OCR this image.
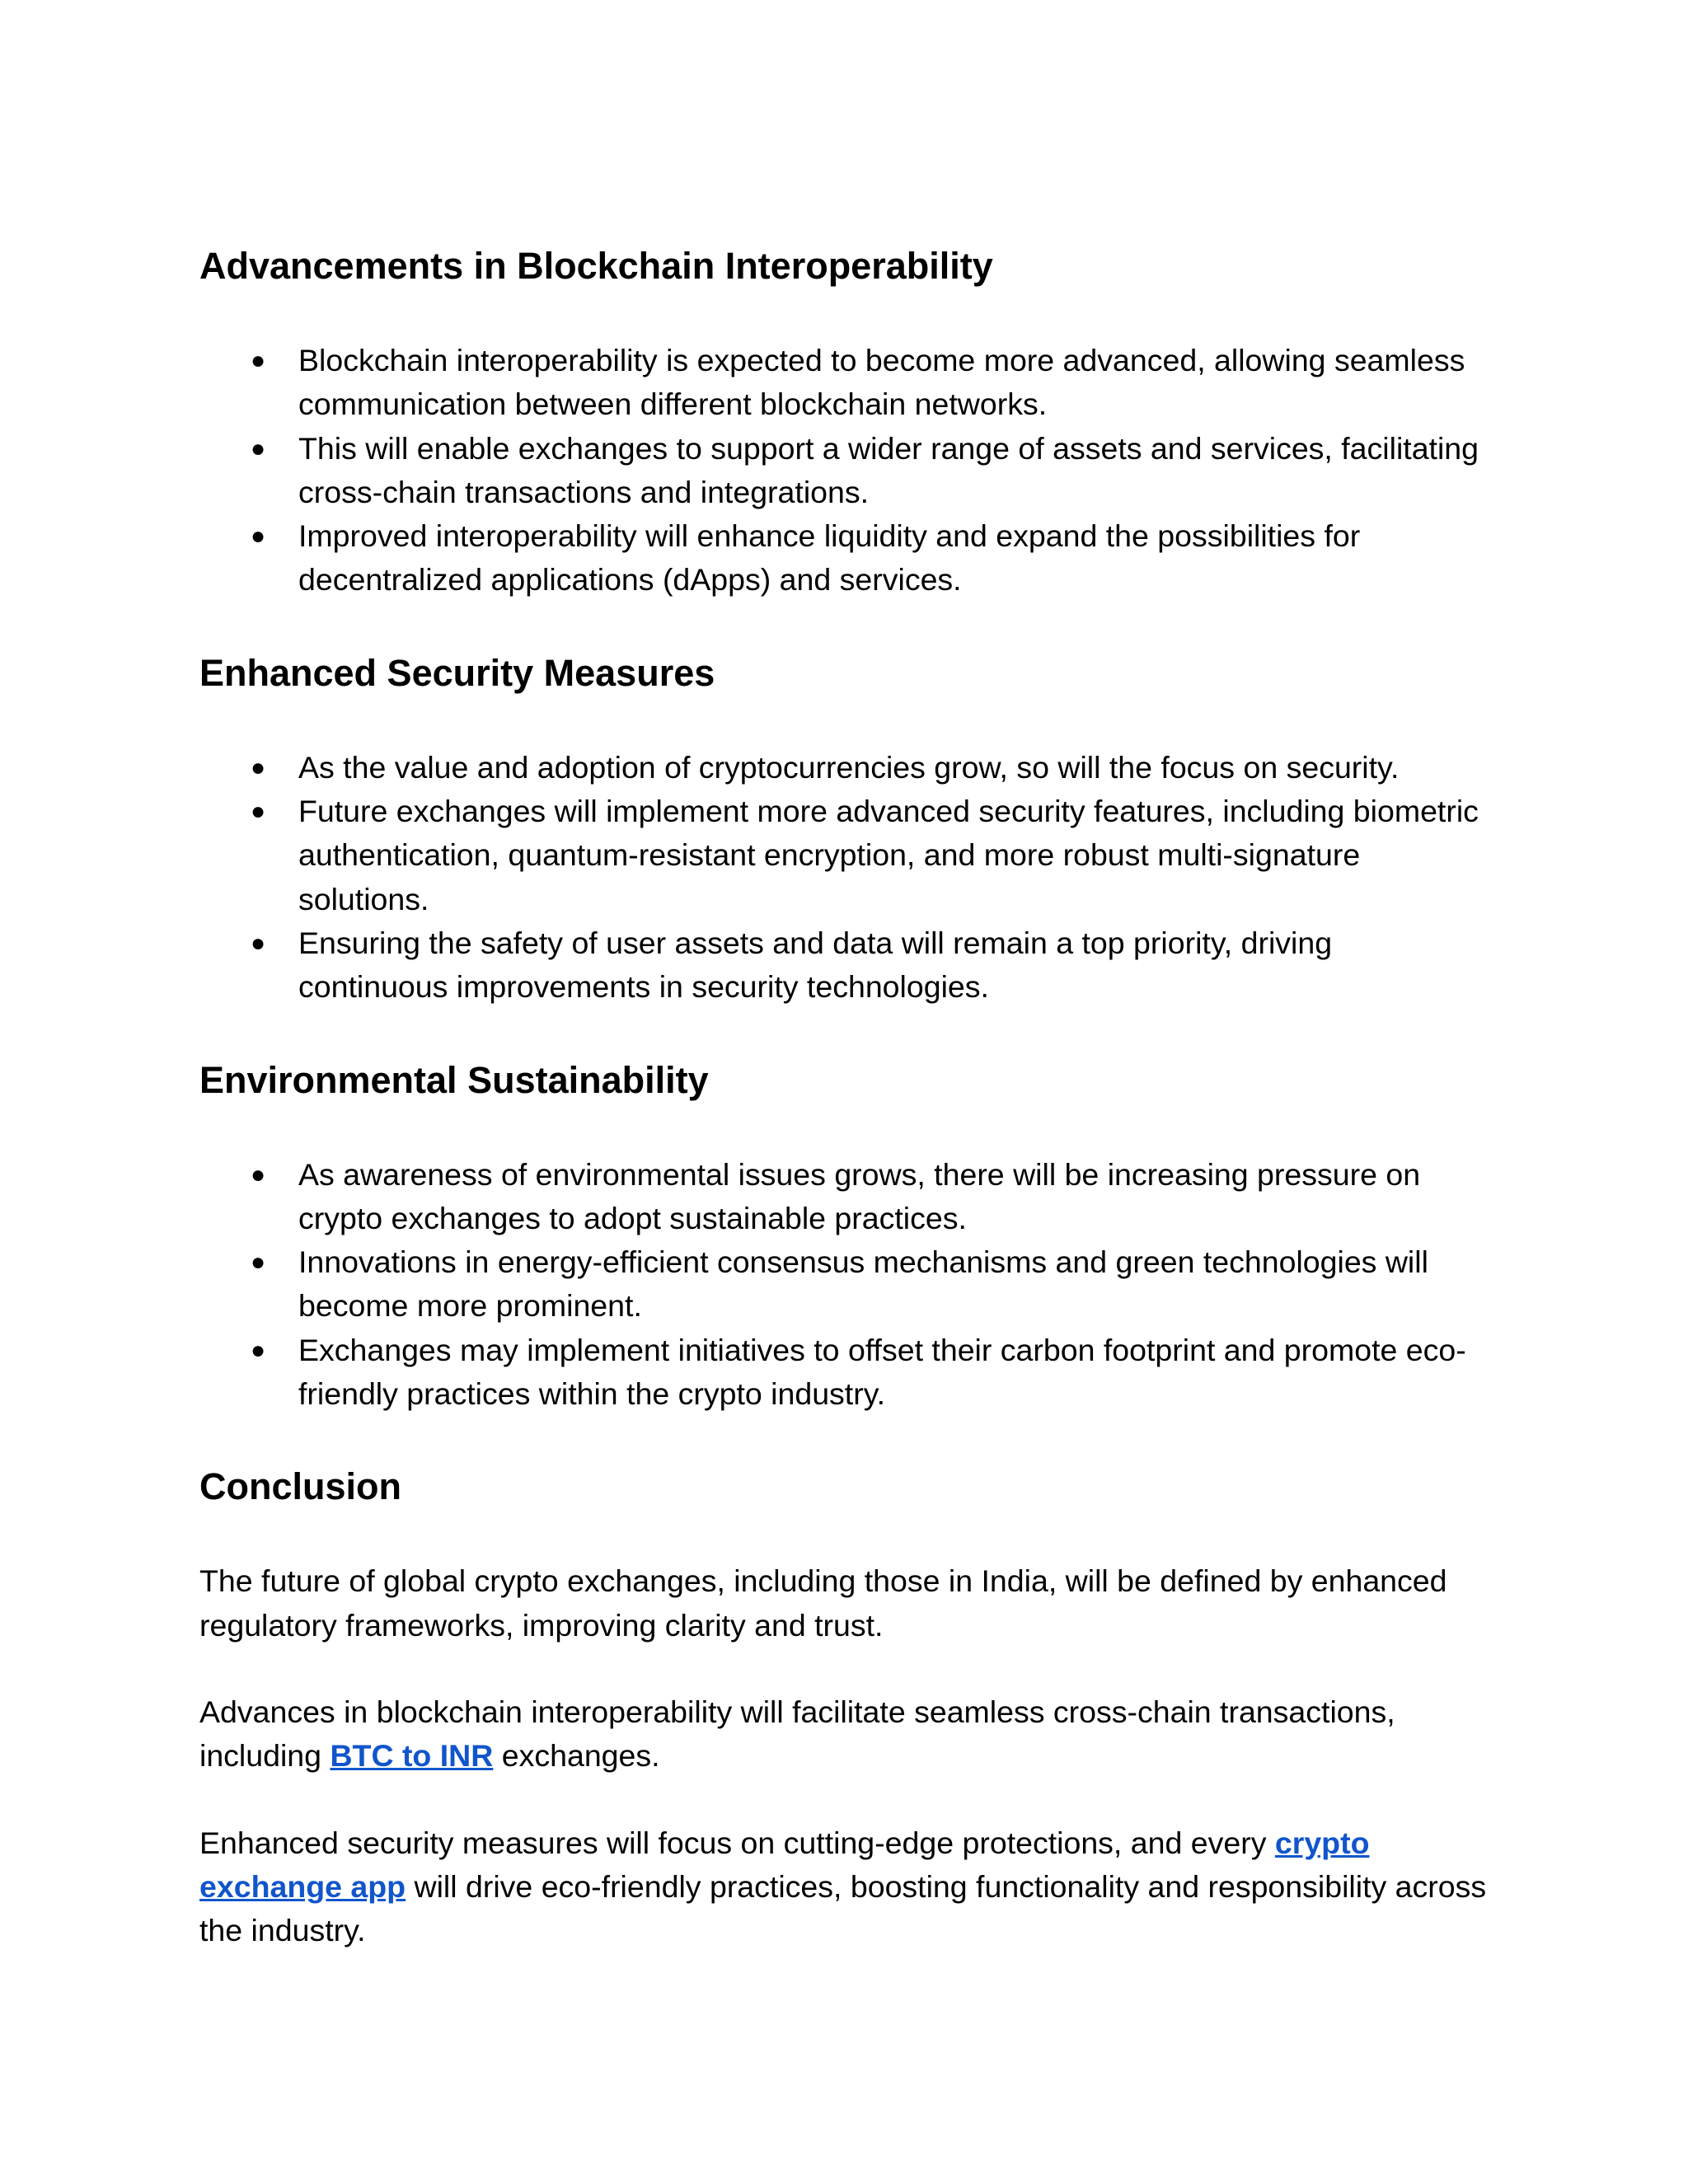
Advancements in Blockchain Interoperability
● Blockchain interoperability is expected to become more advanced, allowing seamless communication between different blockchain networks.
● This will enable exchanges to support a wider range of assets and services, facilitating cross-chain transactions and integrations.
● Improved interoperability will enhance liquidity and expand the possibilities for decentralized applications (dApps) and services.
Enhanced Security Measures
● As the value and adoption of cryptocurrencies grow, so will the focus on security.
● Future exchanges will implement more advanced security features, including biometric authentication, quantum-resistant encryption, and more robust multi-signature solutions.
● Ensuring the safety of user assets and data will remain a top priority, driving continuous improvements in security technologies.
Environmental Sustainability
● As awareness of environmental issues grows, there will be increasing pressure on crypto exchanges to adopt sustainable practices.
● Innovations in energy-efficient consensus mechanisms and green technologies will become more prominent.
● Exchanges may implement initiatives to offset their carbon footprint and promote eco-friendly practices within the crypto industry.
Conclusion

The future of global crypto exchanges, including those in India, will be defined by enhanced regulatory frameworks, improving clarity and trust.

Advances in blockchain interoperability will facilitate seamless cross-chain transactions, including BTC to INR exchanges.

Enhanced security measures will focus on cutting-edge protections, and every crypto exchange app will drive eco-friendly practices, boosting functionality and responsibility across the industry.
